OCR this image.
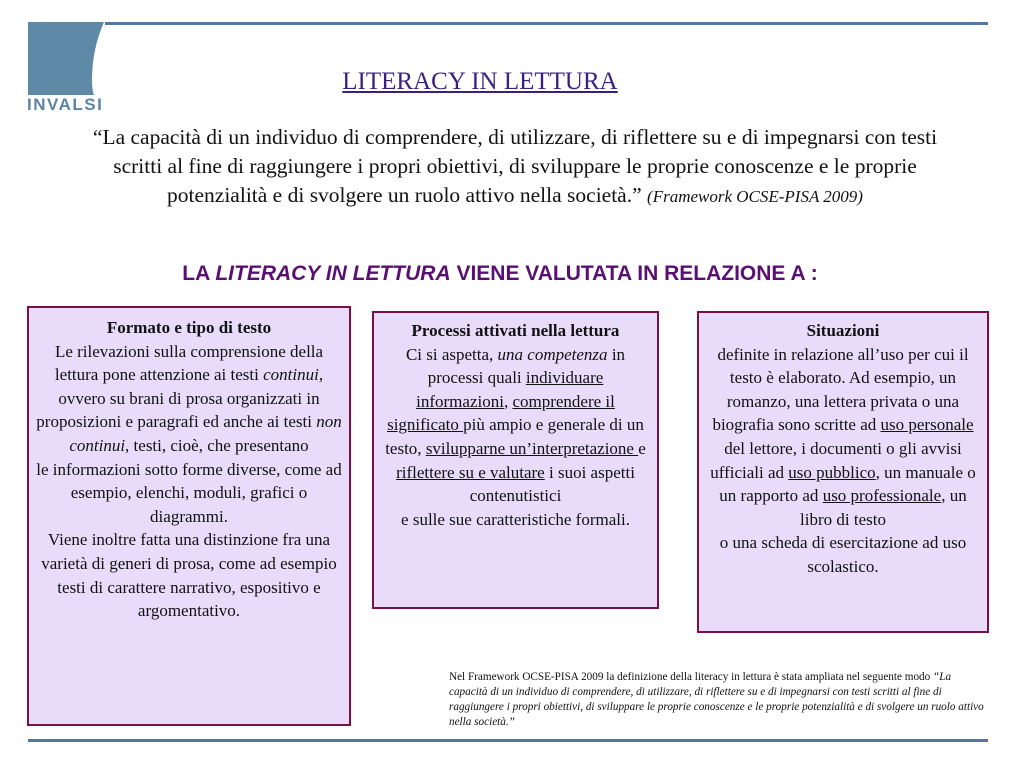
INVALSI
LITERACY IN LETTURA
“La capacità di un individuo di comprendere, di utilizzare, di riflettere su e di impegnarsi con testi scritti al fine di raggiungere i propri obiettivi, di sviluppare le proprie conoscenze e le proprie potenzialità e di svolgere un ruolo attivo nella società.” (Framework OCSE-PISA 2009)
LA LITERACY IN LETTURA VIENE VALUTATA IN RELAZIONE A :
Formato e tipo di testo
Le rilevazioni sulla comprensione della lettura pone attenzione ai testi continui, ovvero su brani di prosa organizzati in proposizioni e paragrafi ed anche ai testi non continui, testi, cioè, che presentano
le informazioni sotto forme diverse, come ad esempio, elenchi, moduli, grafici o diagrammi.
Viene inoltre fatta una distinzione fra una varietà di generi di prosa, come ad esempio testi di carattere narrativo, espositivo e argomentativo.
Processi attivati nella lettura
Ci si aspetta, una competenza in processi quali individuare informazioni, comprendere il significato più ampio e generale di un testo, svilupparne un’interpretazione e riflettere su e valutare i suoi aspetti contenutistici
e sulle sue caratteristiche formali.
Situazioni
definite in relazione all’uso per cui il testo è elaborato. Ad esempio, un romanzo, una lettera privata o una biografia sono scritte ad uso personale del lettore, i documenti o gli avvisi ufficiali ad uso pubblico, un manuale o un rapporto ad uso professionale, un libro di testo
o una scheda di esercitazione ad uso scolastico.
Nel Framework OCSE-PISA 2009 la definizione della literacy in lettura è stata ampliata nel seguente modo “La capacità di un individuo di comprendere, di utilizzare, di riflettere su e di impegnarsi con testi scritti al fine di raggiungere i propri obiettivi, di sviluppare le proprie conoscenze e le proprie potenzialità e di svolgere un ruolo attivo nella società.”
